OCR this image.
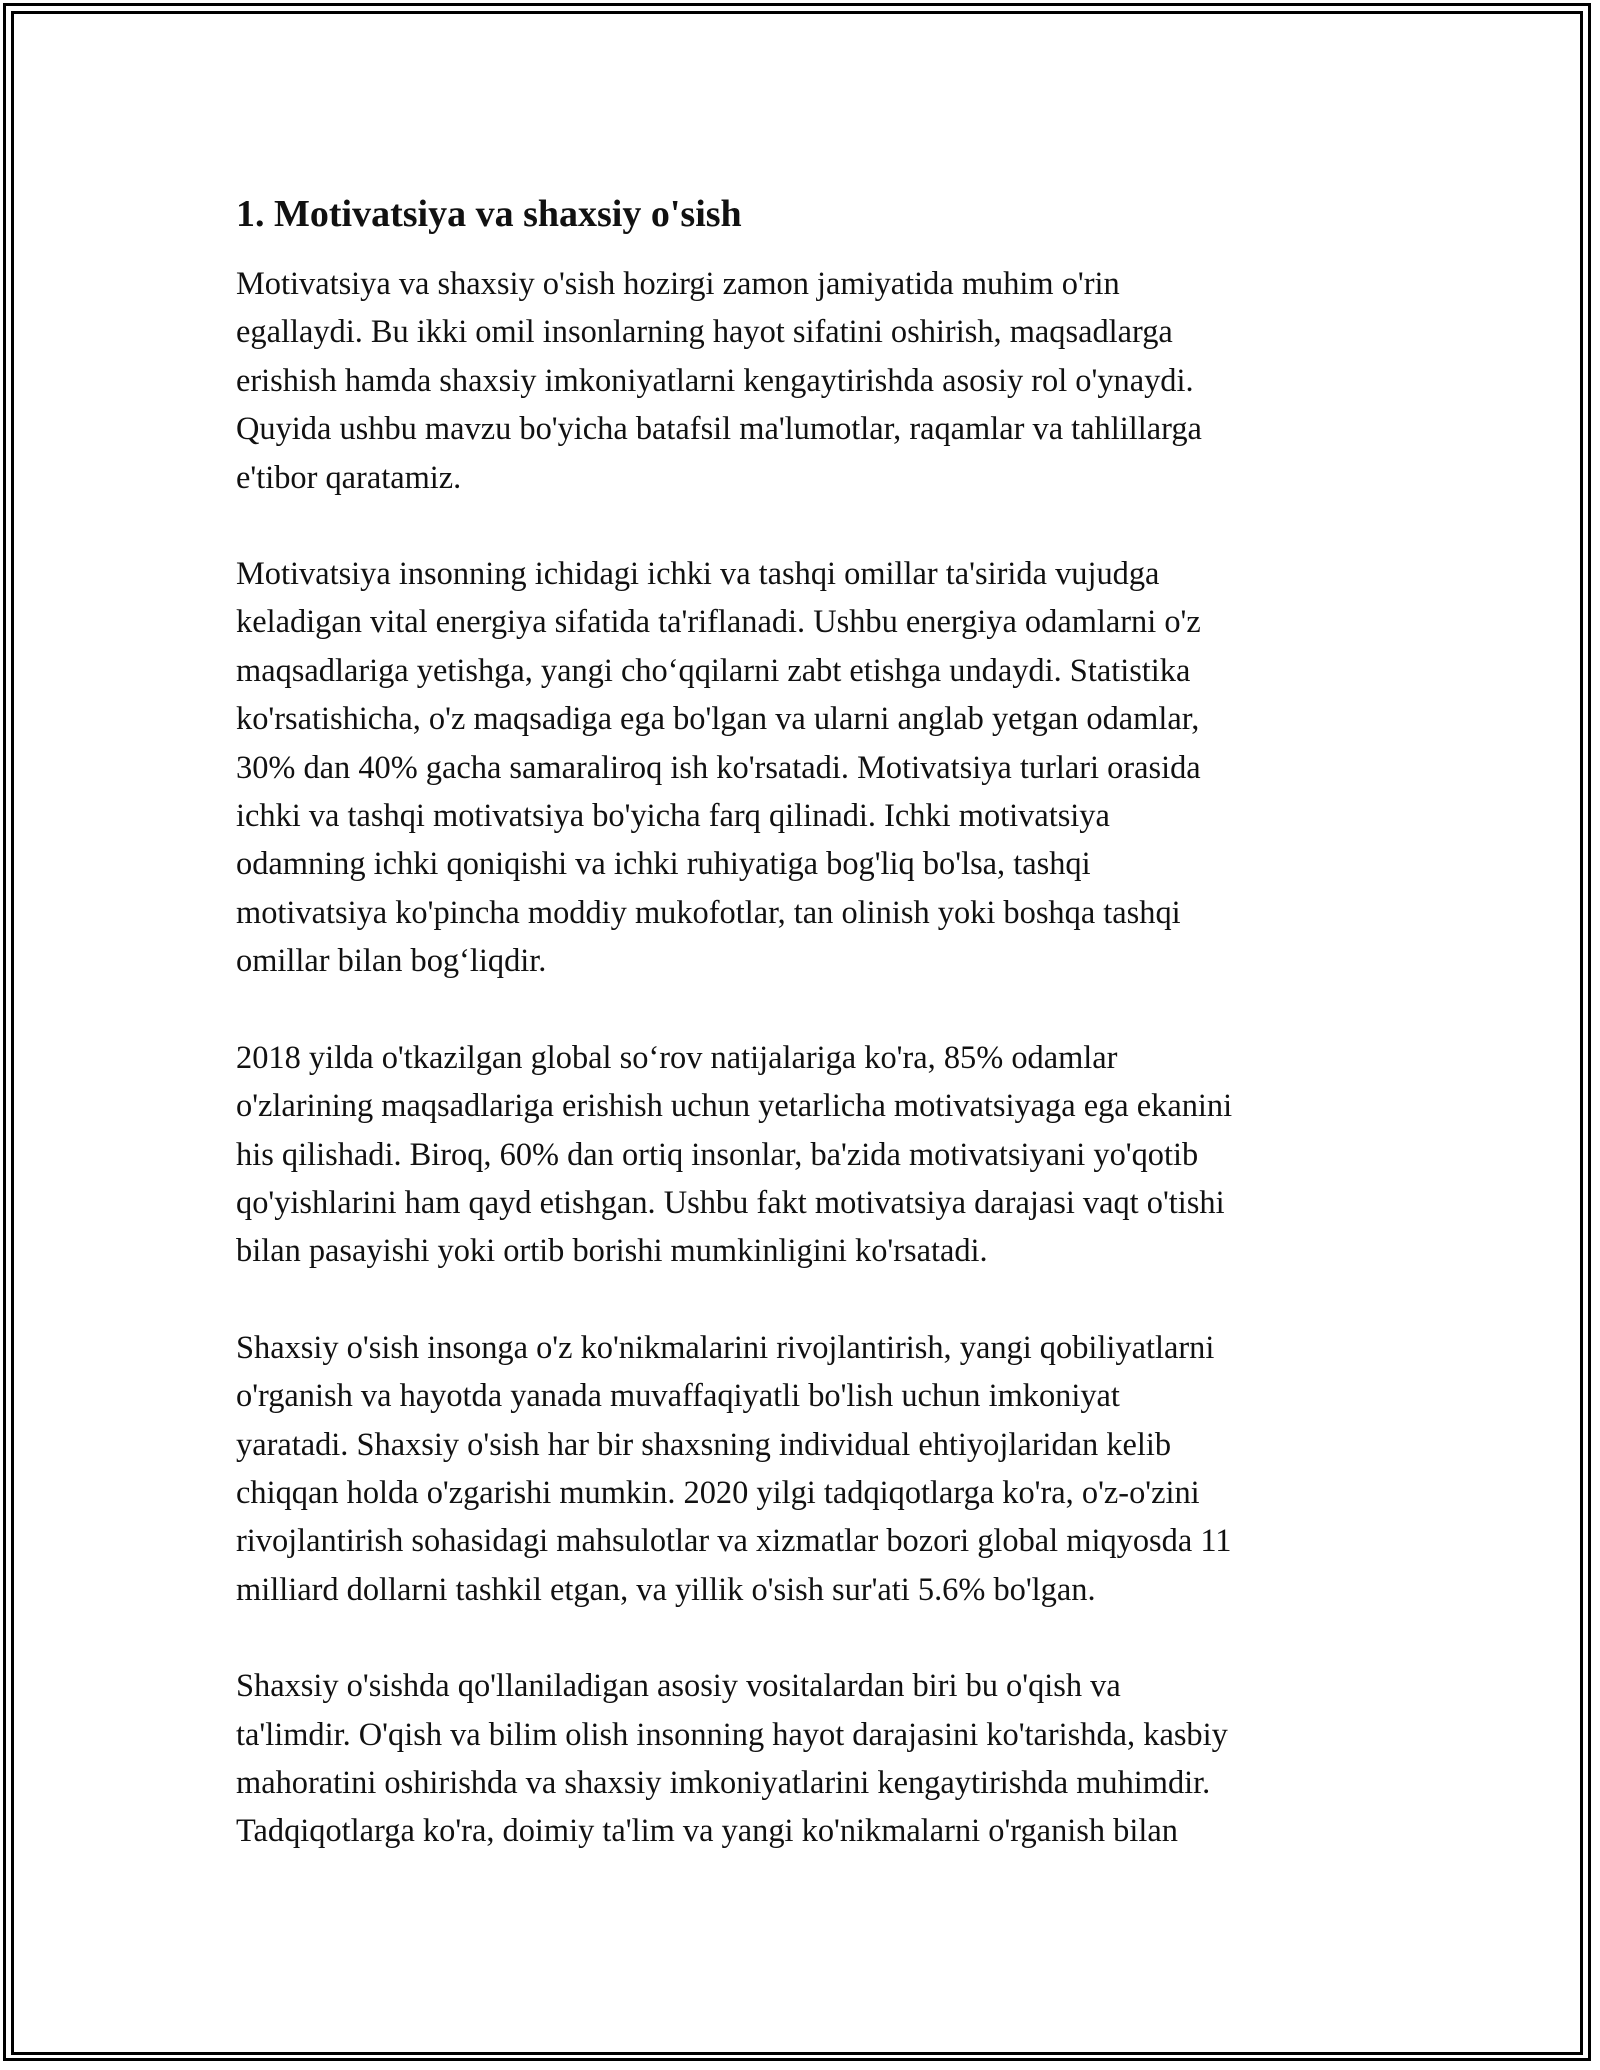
1. Motivatsiya va shaxsiy o'sish

Motivatsiya va shaxsiy o'sish hozirgi zamon jamiyatida muhim o'rin
egallaydi. Bu ikki omil insonlarning hayot sifatini oshirish, maqsadlarga
erishish hamda shaxsiy imkoniyatlarni kengaytirishda asosiy rol o'ynaydi.
Quyida ushbu mavzu bo'yicha batafsil ma'lumotlar, raqamlar va tahlillarga
e'tibor qaratamiz.

Motivatsiya insonning ichidagi ichki va tashqi omillar ta'sirida vujudga
keladigan vital energiya sifatida ta'riflanadi. Ushbu energiya odamlarni o'z
maqsadlariga yetishga, yangi cho‘qqilarni zabt etishga undaydi. Statistika
ko'rsatishicha, o'z maqsadiga ega bo'lgan va ularni anglab yetgan odamlar,
30% dan 40% gacha samaraliroq ish ko'rsatadi. Motivatsiya turlari orasida
ichki va tashqi motivatsiya bo'yicha farq qilinadi. Ichki motivatsiya
odamning ichki qoniqishi va ichki ruhiyatiga bog'liq bo'lsa, tashqi
motivatsiya ko'pincha moddiy mukofotlar, tan olinish yoki boshqa tashqi
omillar bilan bog‘liqdir.

2018 yilda o'tkazilgan global so‘rov natijalariga ko'ra, 85% odamlar
o'zlarining maqsadlariga erishish uchun yetarlicha motivatsiyaga ega ekanini
his qilishadi. Biroq, 60% dan ortiq insonlar, ba'zida motivatsiyani yo'qotib
qo'yishlarini ham qayd etishgan. Ushbu fakt motivatsiya darajasi vaqt o'tishi
bilan pasayishi yoki ortib borishi mumkinligini ko'rsatadi.

Shaxsiy o'sish insonga o'z ko'nikmalarini rivojlantirish, yangi qobiliyatlarni
o'rganish va hayotda yanada muvaffaqiyatli bo'lish uchun imkoniyat
yaratadi. Shaxsiy o'sish har bir shaxsning individual ehtiyojlaridan kelib
chiqqan holda o'zgarishi mumkin. 2020 yilgi tadqiqotlarga ko'ra, o'z-o'zini
rivojlantirish sohasidagi mahsulotlar va xizmatlar bozori global miqyosda 11
milliard dollarni tashkil etgan, va yillik o'sish sur'ati 5.6% bo'lgan.

Shaxsiy o'sishda qo'llaniladigan asosiy vositalardan biri bu o'qish va
ta'limdir. O'qish va bilim olish insonning hayot darajasini ko'tarishda, kasbiy
mahoratini oshirishda va shaxsiy imkoniyatlarini kengaytirishda muhimdir.
Tadqiqotlarga ko'ra, doimiy ta'lim va yangi ko'nikmalarni o'rganish bilan
